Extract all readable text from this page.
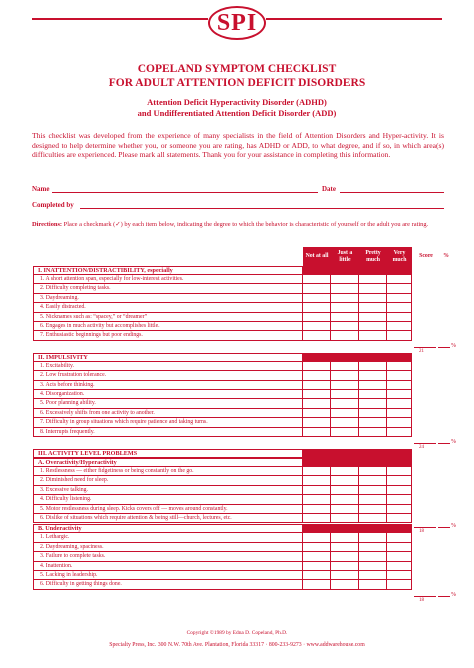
SPI
COPELAND SYMPTOM CHECKLIST
FOR ADULT ATTENTION DEFICIT DISORDERS
Attention Deficit Hyperactivity Disorder (ADHD)
and Undifferentiated Attention Deficit Disorder (ADD)
This checklist was developed from the experience of many specialists in the field of Attention Disorders and Hyper-activity. It is designed to help determine whether you, or someone you are rating, has ADHD or ADD, to what degree, and if so, in which area(s) difficulties are experienced. Please mark all statements. Thank you for your assistance in completing this information.
Name	Date
Completed by
Directions: Place a checkmark (✓) by each item below, indicating the degree to which the behavior is characteristic of yourself or the adult you are rating.
Not at all
Just a little
Pretty much
Very much
Score	%
I. INATTENTION/DISTRACTIBILITY, especially
1. A short attention span, especially for low-interest activities.
2. Difficulty completing tasks.
3. Daydreaming.
4. Easily distracted.
5. Nicknames such as: “spacey,” or “dreamer”
6. Engages in much activity but accomplishes little.
7. Enthusiastic beginnings but poor endings.
21
%
II. IMPULSIVITY
1. Excitability.
2. Low frustration tolerance.
3. Acts before thinking.
4. Disorganization.
5. Poor planning ability.
6. Excessively shifts from one activity to another.
7. Difficulty in group situations which require patience and taking turns.
8. Interrupts frequently.
24
%
III. ACTIVITY LEVEL PROBLEMS
A. Overactivity/Hyperactivity
1. Restlessness — either fidgetiness or being constantly on the go.
2. Diminished need for sleep.
3. Excessive talking.
4. Difficulty listening.
5. Motor restlessness during sleep. Kicks covers off — moves around constantly.
6. Dislike of situations which require attention & being still—church, lectures, etc.
18
%
B. Underactivity
1. Lethargic.
2. Daydreaming, spaciness.
3. Failure to complete tasks.
4. Inattention.
5. Lacking in leadership.
6. Difficulty in getting things done.
18
%
Copyright ©1989 by Edna D. Copeland, Ph.D.
Specialty Press, Inc. 300 N.W. 70th Ave. Plantation, Florida 33317 · 800-233-9273 · www.addwarehouse.com
